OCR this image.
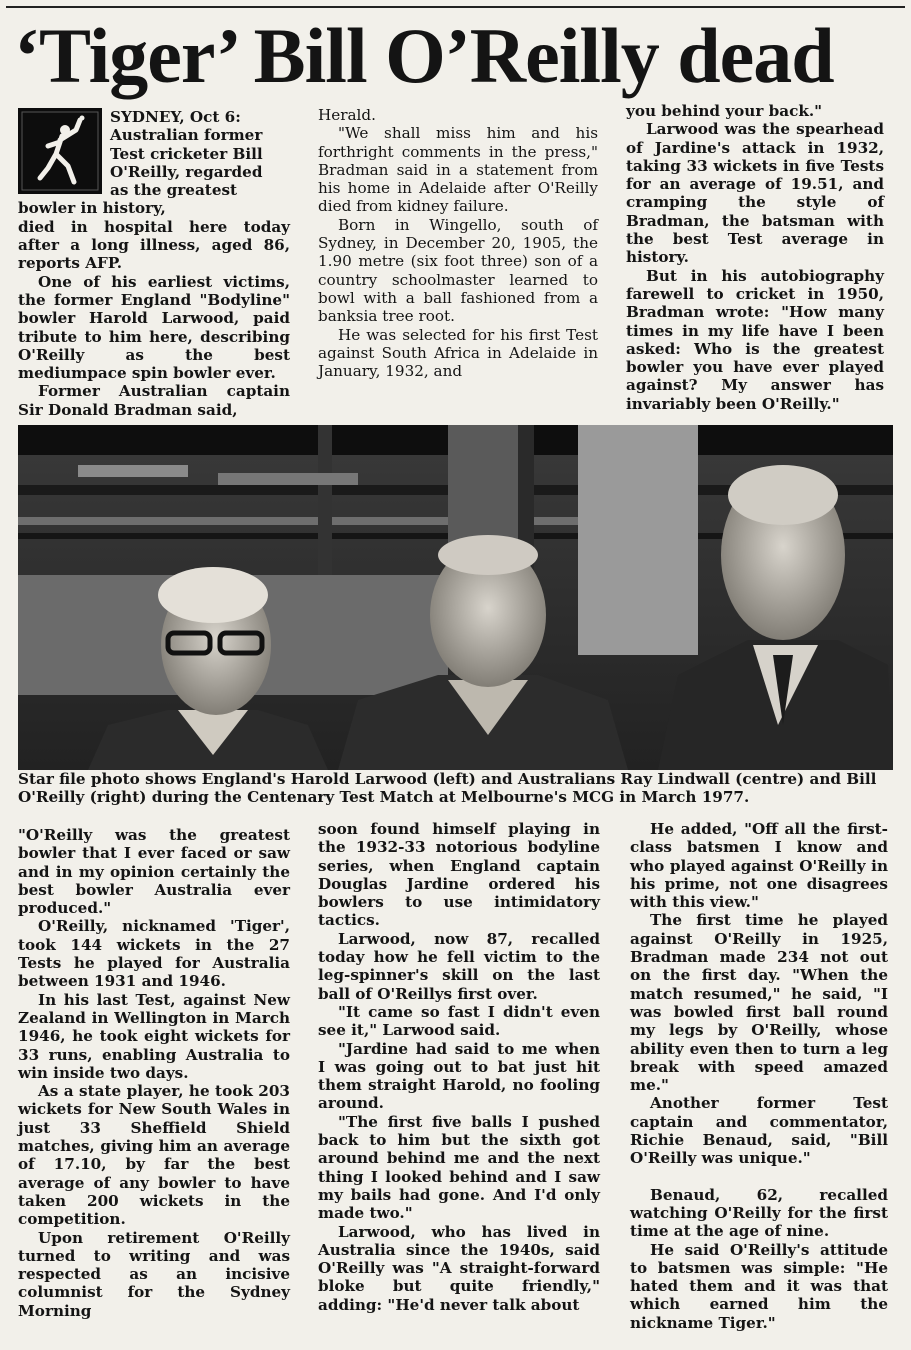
‘Tiger’ Bill O’Reilly dead

SYDNEY, Oct 6:
Australian former
Test cricketer Bill
O'Reilly, regarded
as the greatest
bowler in history,

died in hospital here today after a long illness, aged 86, reports AFP.

One of his earliest victims, the former England "Bodyline" bowler Harold Larwood, paid tribute to him here, describing O'Reilly as the best mediumpace spin bowler ever.

Former Australian captain Sir Donald Bradman said,

Herald.

"We shall miss him and his forthright comments in the press," Bradman said in a statement from his home in Adelaide after O'Reilly died from kidney failure.

Born in Wingello, south of Sydney, in December 20, 1905, the 1.90 metre (six foot three) son of a country schoolmaster learned to bowl with a ball fashioned from a banksia tree root.

He was selected for his first Test against South Africa in Adelaide in January, 1932, and

you behind your back."

Larwood was the spearhead of Jardine's attack in 1932, taking 33 wickets in five Tests for an average of 19.51, and cramping the style of Bradman, the batsman with the best Test average in history.

But in his autobiography farewell to cricket in 1950, Bradman wrote: "How many times in my life have I been asked: Who is the greatest bowler you have ever played against? My answer has invariably been O'Reilly."

Star file photo shows England's Harold Larwood (left) and Australians Ray Lindwall (centre) and Bill O'Reilly (right) during the Centenary Test Match at Melbourne's MCG in March 1977.

"O'Reilly was the greatest bowler that I ever faced or saw and in my opinion certainly the best bowler Australia ever produced."

O'Reilly, nicknamed 'Tiger', took 144 wickets in the 27 Tests he played for Australia between 1931 and 1946.

In his last Test, against New Zealand in Wellington in March 1946, he took eight wickets for 33 runs, enabling Australia to win inside two days.

As a state player, he took 203 wickets for New South Wales in just 33 Sheffield Shield matches, giving him an average of 17.10, by far the best average of any bowler to have taken 200 wickets in the competition.

Upon retirement O'Reilly turned to writing and was respected as an incisive columnist for the Sydney Morning

soon found himself playing in the 1932-33 notorious bodyline series, when England captain Douglas Jardine ordered his bowlers to use intimidatory tactics.

Larwood, now 87, recalled today how he fell victim to the leg-spinner's skill on the last ball of O'Reillys first over.

"It came so fast I didn't even see it," Larwood said.

"Jardine had said to me when I was going out to bat just hit them straight Harold, no fooling around.

"The first five balls I pushed back to him but the sixth got around behind me and the next thing I looked behind and I saw my bails had gone. And I'd only made two."

Larwood, who has lived in Australia since the 1940s, said O'Reilly was "A straight-forward bloke but quite friendly," adding: "He'd never talk about

He added, "Off all the first-class batsmen I know and who played against O'Reilly in his prime, not one disagrees with this view."

The first time he played against O'Reilly in 1925, Bradman made 234 not out on the first day. "When the match resumed," he said, "I was bowled first ball round my legs by O'Reilly, whose ability even then to turn a leg break with speed amazed me."

Another former Test captain and commentator, Richie Benaud, said, "Bill O'Reilly was unique."

Benaud, 62, recalled watching O'Reilly for the first time at the age of nine.

He said O'Reilly's attitude to batsmen was simple: "He hated them and it was that which earned him the nickname Tiger."
